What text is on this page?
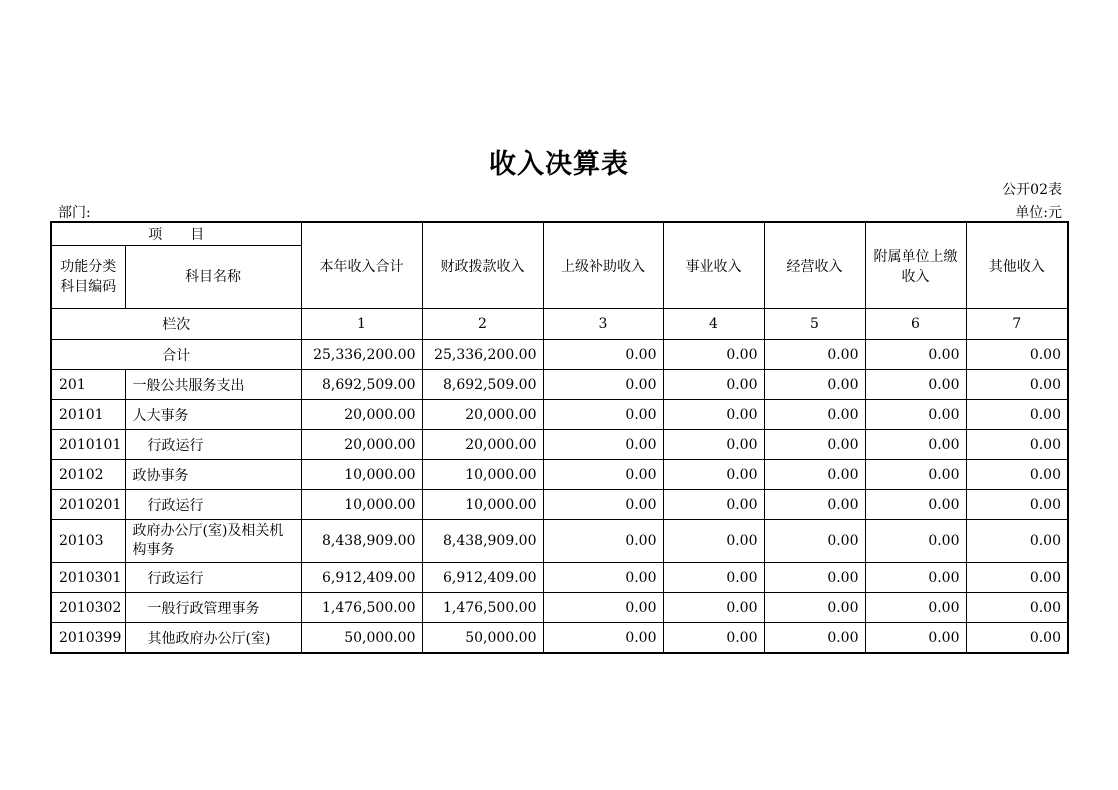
收入决算表
公开02表
部门:	单位:元
项　　目		本年收入合计	财政拨款收入	上级补助收入	事业收入	经营收入	附属单位上缴收入	其他收入
功能分类科目编码	科目名称							
栏次		1	2	3	4	5	6	7
合计		25,336,200.00	25,336,200.00	0.00	0.00	0.00	0.00	0.00
201	一般公共服务支出	8,692,509.00	8,692,509.00	0.00	0.00	0.00	0.00	0.00
20101	人大事务	20,000.00	20,000.00	0.00	0.00	0.00	0.00	0.00
2010101	行政运行	20,000.00	20,000.00	0.00	0.00	0.00	0.00	0.00
20102	政协事务	10,000.00	10,000.00	0.00	0.00	0.00	0.00	0.00
2010201	行政运行	10,000.00	10,000.00	0.00	0.00	0.00	0.00	0.00
20103	政府办公厅(室)及相关机构事务	8,438,909.00	8,438,909.00	0.00	0.00	0.00	0.00	0.00
2010301	行政运行	6,912,409.00	6,912,409.00	0.00	0.00	0.00	0.00	0.00
2010302	一般行政管理事务	1,476,500.00	1,476,500.00	0.00	0.00	0.00	0.00	0.00
2010399	其他政府办公厅(室)	50,000.00	50,000.00	0.00	0.00	0.00	0.00	0.00
